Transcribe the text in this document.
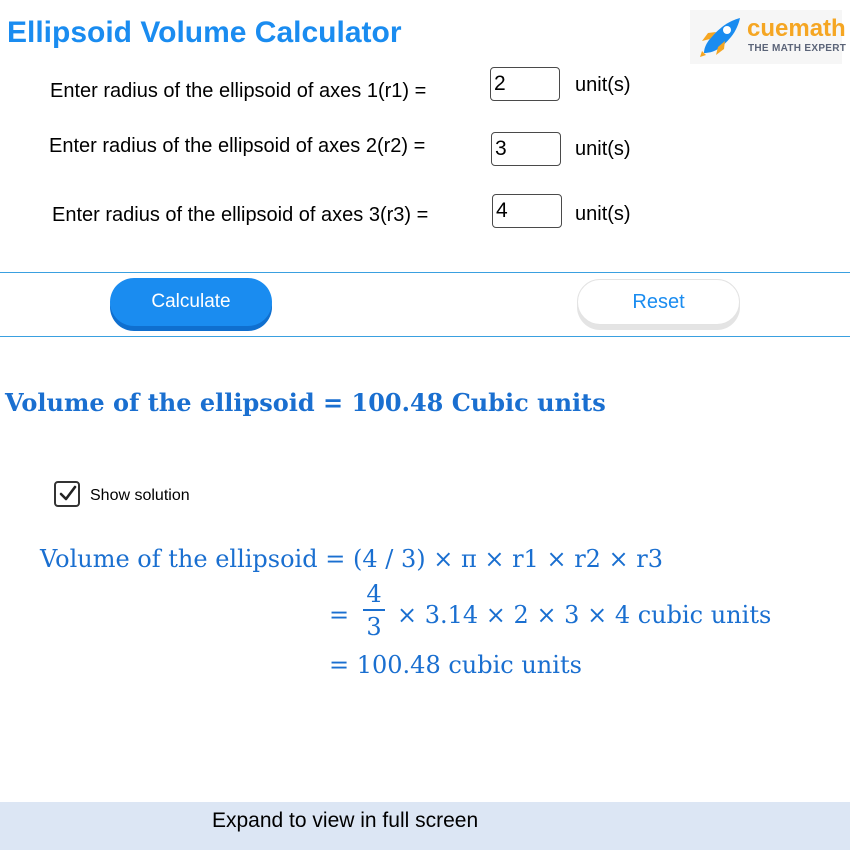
Ellipsoid Volume Calculator	cuemath
THE MATH EXPERT
Enter radius of the ellipsoid of axes 1(r1) =
2	unit(s)
Enter radius of the ellipsoid of axes 2(r2) =
3	unit(s)
Enter radius of the ellipsoid of axes 3(r3) =
4	unit(s)
Calculate	Reset
Volume of the ellipsoid = 100.48 Cubic units
Show solution
Volume of the ellipsoid = (4 / 3) × π × r1 × r2 × r3
=
4
3 × 3.14 × 2 × 3 × 4 cubic units
= 100.48 cubic units
Expand to view in full screen
